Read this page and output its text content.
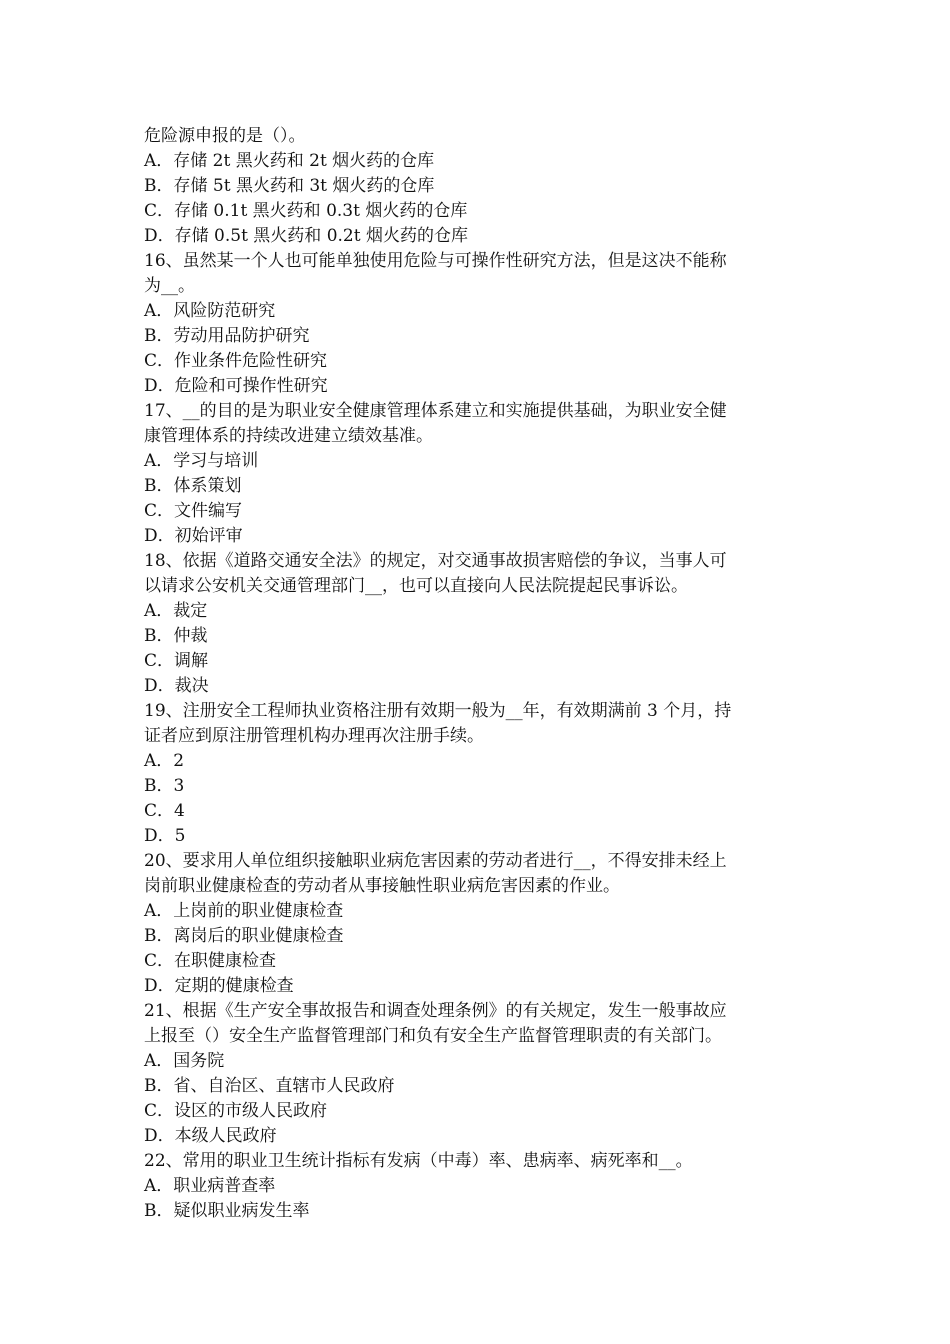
危险源申报的是（）。
A．存储 2t 黑火药和 2t 烟火药的仓库
B．存储 5t 黑火药和 3t 烟火药的仓库
C．存储 0.1t 黑火药和 0.3t 烟火药的仓库
D．存储 0.5t 黑火药和 0.2t 烟火药的仓库
16、虽然某一个人也可能单独使用危险与可操作性研究方法，但是这决不能称
为__。
A．风险防范研究
B．劳动用品防护研究
C．作业条件危险性研究
D．危险和可操作性研究
17、__的目的是为职业安全健康管理体系建立和实施提供基础，为职业安全健
康管理体系的持续改进建立绩效基准。
A．学习与培训
B．体系策划
C．文件编写
D．初始评审
18、依据《道路交通安全法》的规定，对交通事故损害赔偿的争议，当事人可
以请求公安机关交通管理部门__，也可以直接向人民法院提起民事诉讼。
A．裁定
B．仲裁
C．调解
D．裁决
19、注册安全工程师执业资格注册有效期一般为__年，有效期满前 3 个月，持
证者应到原注册管理机构办理再次注册手续。
A．2
B．3
C．4
D．5
20、要求用人单位组织接触职业病危害因素的劳动者进行__，不得安排未经上
岗前职业健康检查的劳动者从事接触性职业病危害因素的作业。
A．上岗前的职业健康检查
B．离岗后的职业健康检查
C．在职健康检查
D．定期的健康检查
21、根据《生产安全事故报告和调查处理条例》的有关规定，发生一般事故应
上报至（）安全生产监督管理部门和负有安全生产监督管理职责的有关部门。
A．国务院
B．省、自治区、直辖市人民政府
C．设区的市级人民政府
D．本级人民政府
22、常用的职业卫生统计指标有发病（中毒）率、患病率、病死率和__。
A．职业病普查率
B．疑似职业病发生率
